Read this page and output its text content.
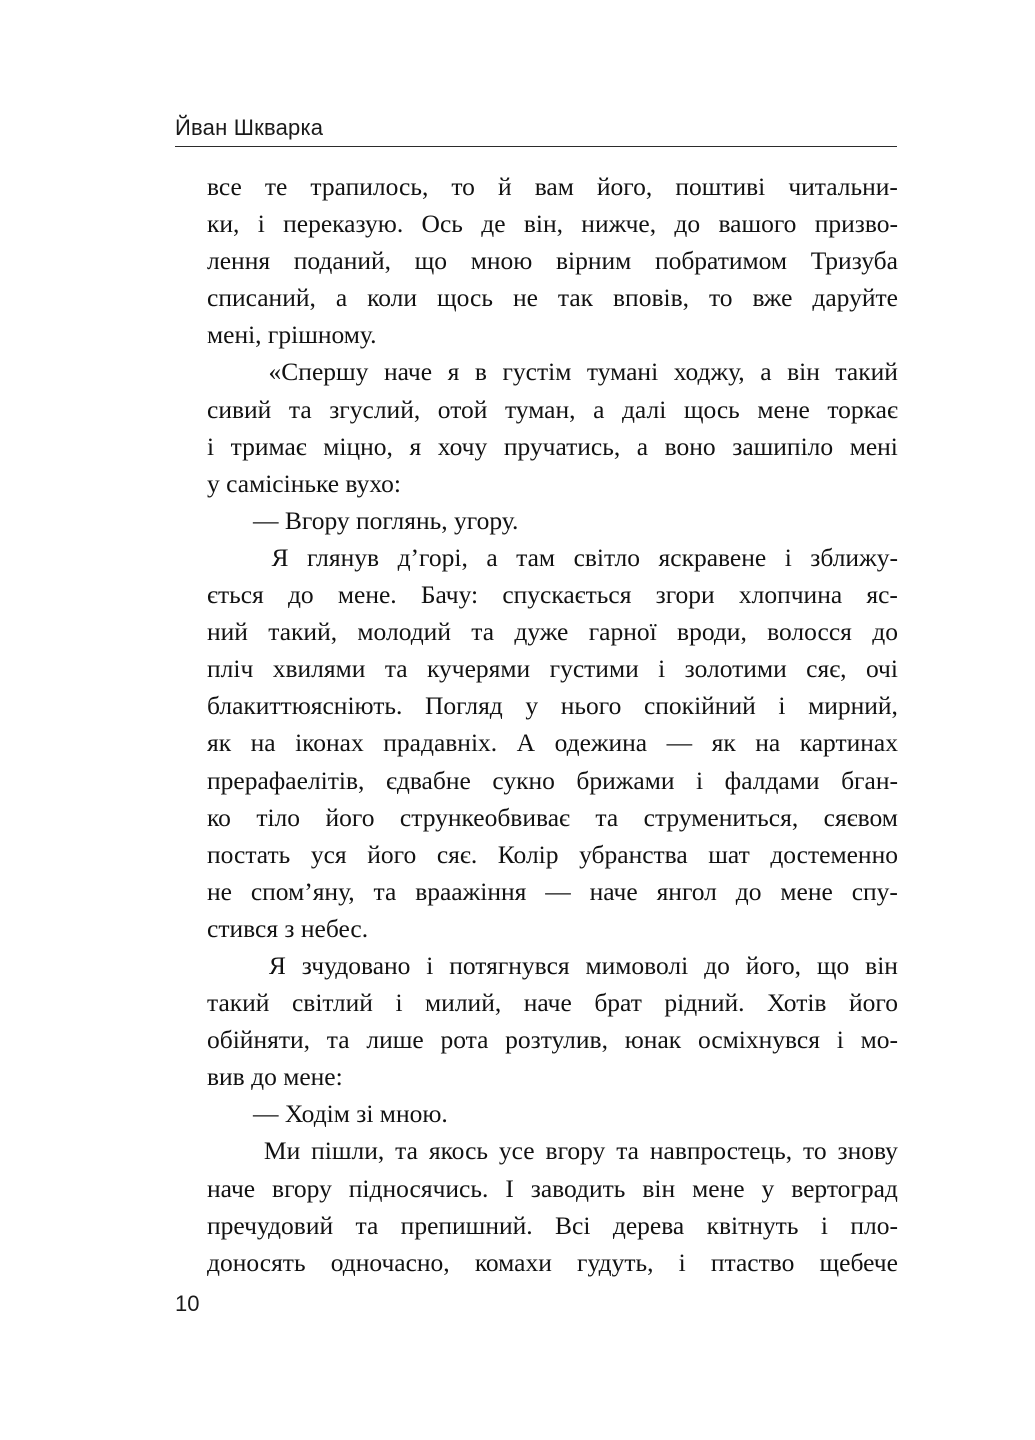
Йван Шкварка
все те трапилось, то й вам його, поштиві читальни-
ки, і переказую. Ось де він, нижче, до вашого призво-
лення поданий, що мною вірним побратимом Тризуба
списаний, а коли щось не так вповів, то вже даруйте
мені, грішному.
«Спершу наче я в густім тумані ходжу, а він такий
сивий та згуслий, отой туман, а далі щось мене торкає
і тримає міцно, я хочу пручатись, а воно зашипіло мені
у самісіньке вухо:
— Вгору поглянь, угору.
Я глянув д’горі, а там світло яскравене і зближу-
ється до мене. Бачу: спускається згори хлопчина яс-
ний такий, молодий та дуже гарної вроди, волосся до
пліч хвилями та кучерями густими і золотими сяє, очі
блакиттюясніють. Погляд у нього спокійний і мирний,
як на іконах прадавніх. А одежина — як на картинах
прерафаелітів, єдвабне сукно брижами і фалдами бган-
ко тіло його стрункеобвиває та струмениться, сяєвом
постать уся його сяє. Колір убранства шат достеменно
не спом’яну, та враажіння — наче янгол до мене спу-
стився з небес.
Я зчудовано і потягнувся мимоволі до його, що він
такий світлий і милий, наче брат рідний. Хотів його
обійняти, та лише рота розтулив, юнак осміхнувся і мо-
вив до мене:
— Ходім зі мною.
Ми пішли, та якось усе вгору та навпростець, то знову
наче вгору підносячись. І заводить він мене у вертоград
пречудовий та препишний. Всі дерева квітнуть і пло-
доносять одночасно, комахи гудуть, і птаство щебече
10
